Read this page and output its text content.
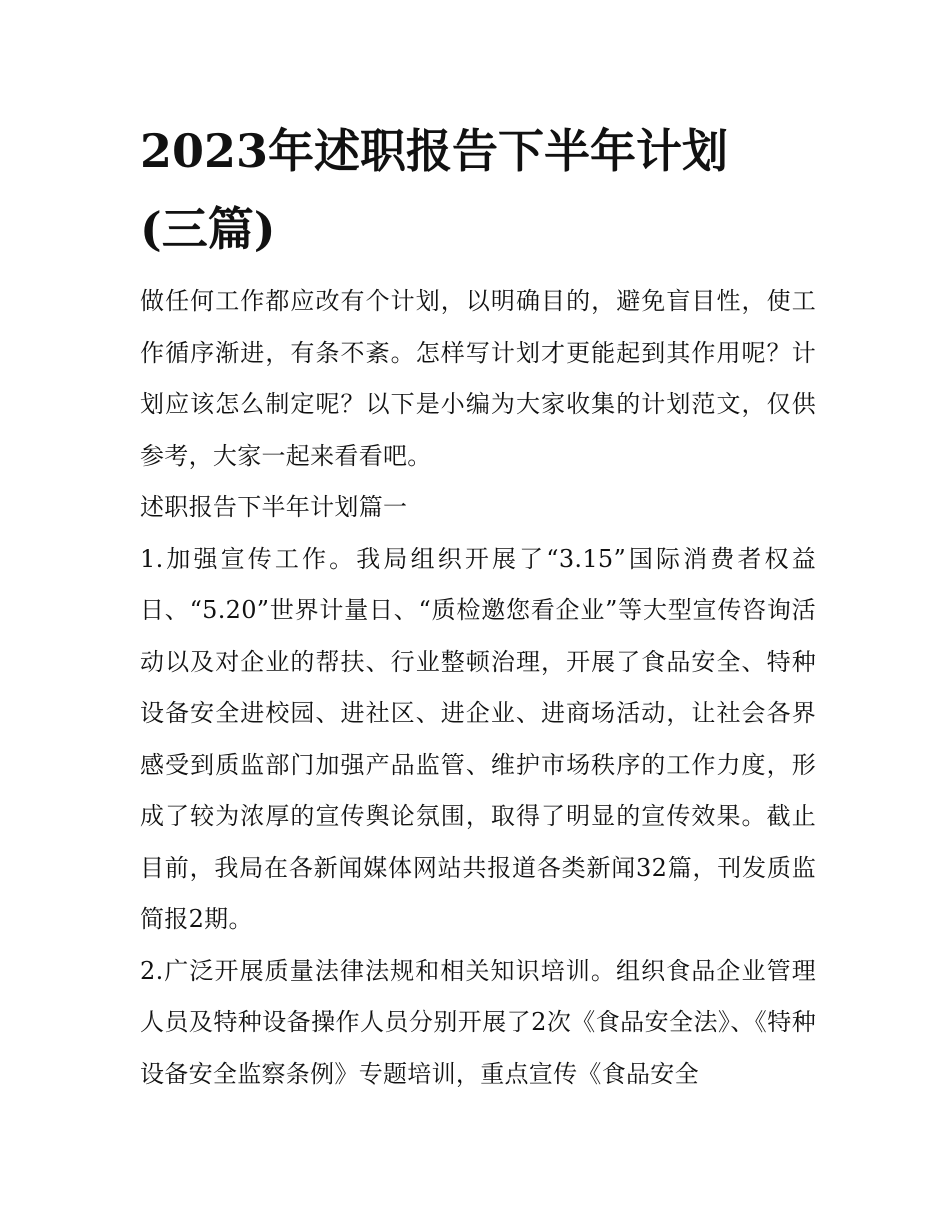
2023年述职报告下半年计划(三篇)

做任何工作都应改有个计划，以明确目的，避免盲目性，使工作循序渐进，有条不紊。怎样写计划才更能起到其作用呢？计划应该怎么制定呢？以下是小编为大家收集的计划范文，仅供参考，大家一起来看看吧。

述职报告下半年计划篇一

1.加强宣传工作。我局组织开展了“3.15”国际消费者权益日、“5.20”世界计量日、“质检邀您看企业”等大型宣传咨询活动以及对企业的帮扶、行业整顿治理，开展了食品安全、特种设备安全进校园、进社区、进企业、进商场活动，让社会各界感受到质监部门加强产品监管、维护市场秩序的工作力度，形成了较为浓厚的宣传舆论氛围，取得了明显的宣传效果。截止目前，我局在各新闻媒体网站共报道各类新闻32篇，刊发质监简报2期。

2.广泛开展质量法律法规和相关知识培训。组织食品企业管理人员及特种设备操作人员分别开展了2次《食品安全法》、《特种设备安全监察条例》专题培训，重点宣传《食品安全
